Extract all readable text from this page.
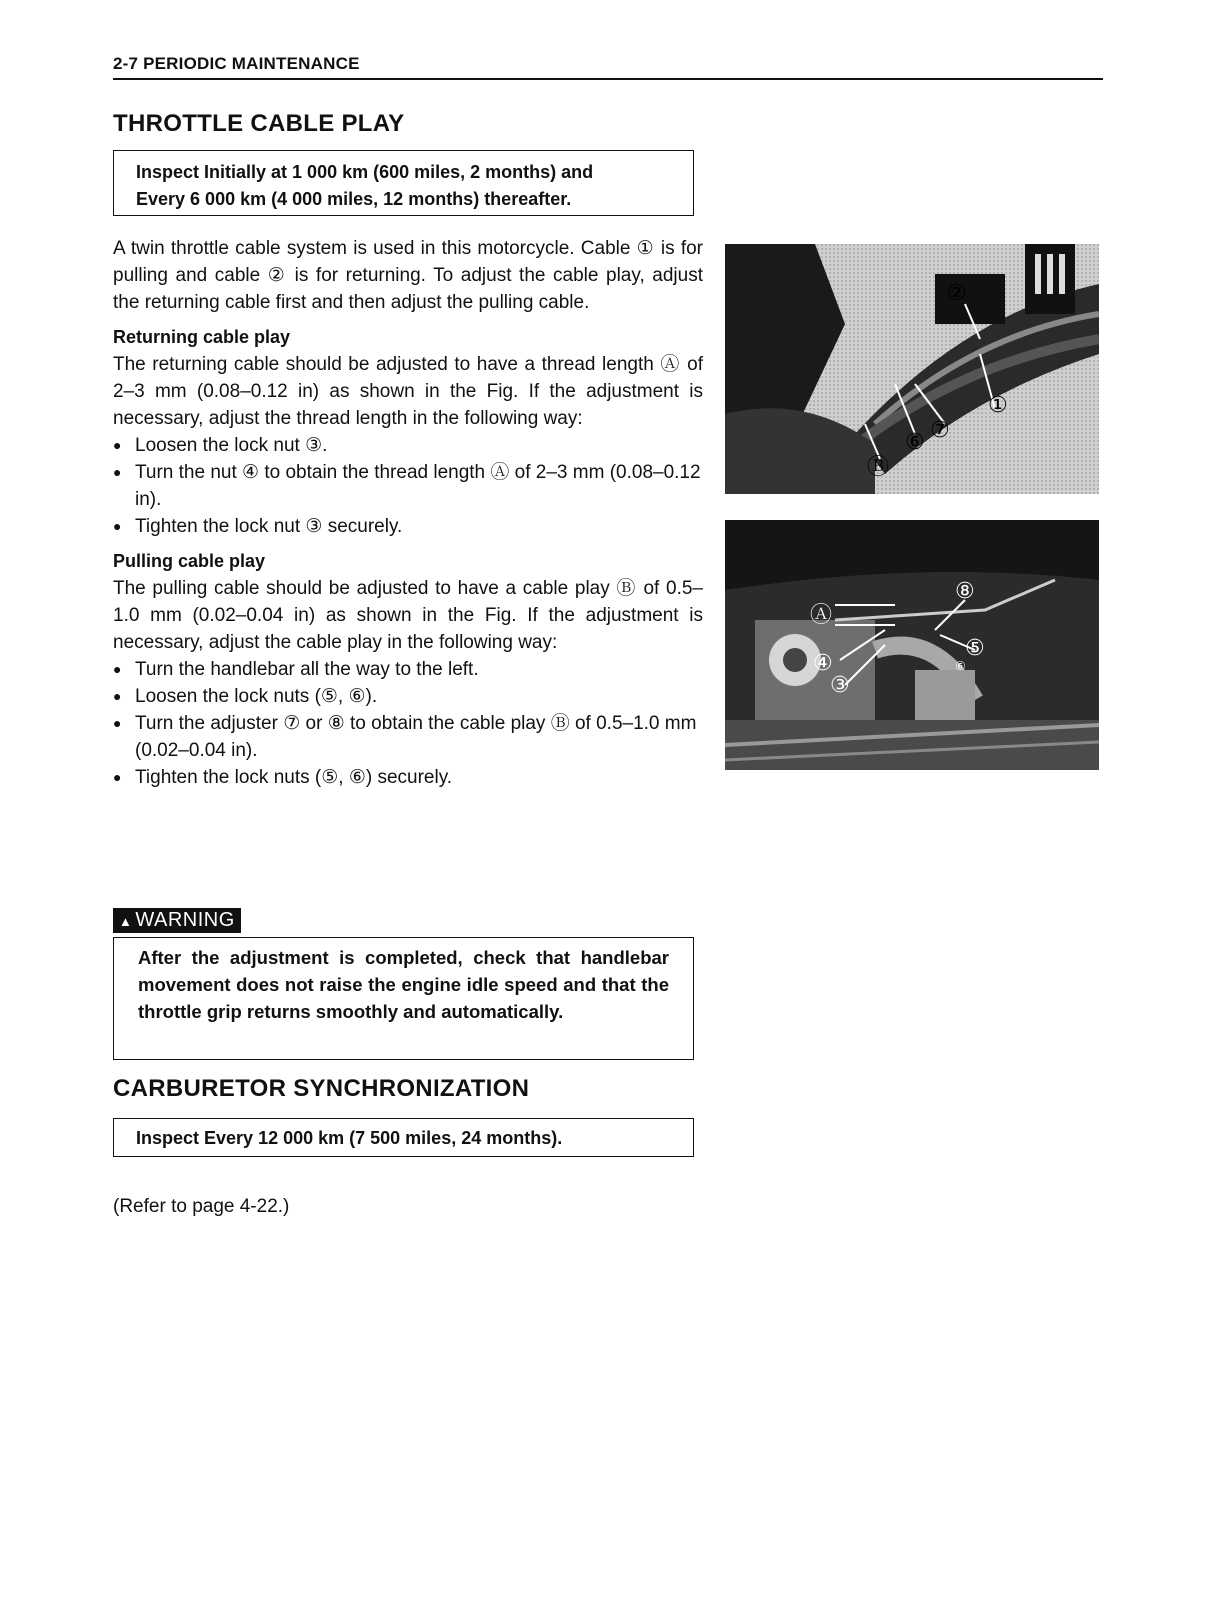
2-7 PERIODIC MAINTENANCE
THROTTLE CABLE PLAY

Inspect Initially at 1 000 km (600 miles, 2 months) and

Every 6 000 km (4 000 miles, 12 months) thereafter.

A twin throttle cable system is used in this motorcycle. Cable ① is for pulling and cable ② is for returning. To adjust the cable play, adjust the returning cable first and then adjust the pulling cable.

Returning cable play

The returning cable should be adjusted to have a thread length Ⓐ of 2–3 mm (0.08–0.12 in) as shown in the Fig. If the adjustment is necessary, adjust the thread length in the following way:

● Loosen the lock nut ③.
● Turn the nut ④ to obtain the thread length Ⓐ of 2–3 mm (0.08–0.12 in).
● Tighten the lock nut ③ securely.

Pulling cable play

The pulling cable should be adjusted to have a cable play Ⓑ of 0.5–1.0 mm (0.02–0.04 in) as shown in the Fig. If the adjustment is necessary, adjust the cable play in the following way:

● Turn the handlebar all the way to the left.
● Loosen the lock nuts (⑤, ⑥).
● Turn the adjuster ⑦ or ⑧ to obtain the cable play Ⓑ of 0.5–1.0 mm (0.02–0.04 in).
● Tighten the lock nuts (⑤, ⑥) securely.
▲ WARNING

After the adjustment is completed, check that handlebar movement does not raise the engine idle speed and that the throttle grip returns smoothly and automatically.

②
①
⑥ ⑦
Ⓑ
⑧
Ⓐ
⑤
⑥
④
③
CARBURETOR SYNCHRONIZATION

Inspect Every 12 000 km (7 500 miles, 24 months).

(Refer to page 4-22.)
